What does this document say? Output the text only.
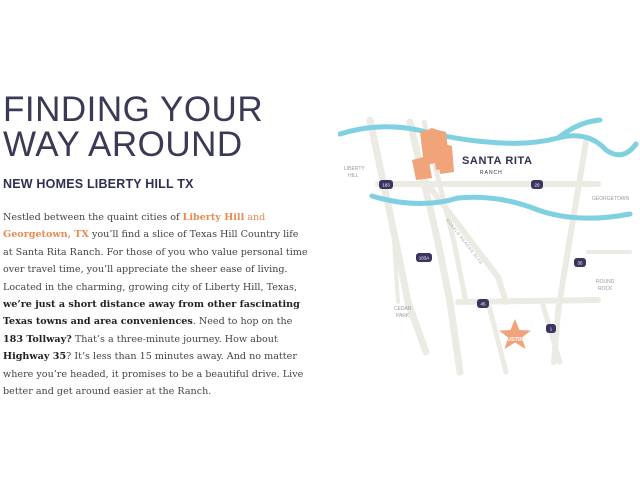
FINDING YOUR
WAY AROUND
NEW HOMES LIBERTY HILL TX

Nestled between the quaint cities of Liberty Hill and Georgetown, TX you’ll find a slice of Texas Hill Country life at Santa Rita Ranch. For those of you who value personal time over travel time, you’ll appreciate the sheer ease of living. Located in the charming, growing city of Liberty Hill, Texas, we’re just a short distance away from other fascinating Texas towns and area conveniences. Need to hop on the 183 Tollway? That’s a three-minute journey. How about Highway 35? It’s less than 15 minutes away. And no matter where you’re headed, it promises to be a beautiful drive. Live better and get around easier at the Ranch.

SANTA RITA
RANCH
LIBERTY
HILL
GEORGETOWN
CEDAR
PARK
ROUND
ROCK
RONALD REAGAN BLVD
AUSTIN
183	29
183A
35
45
1
